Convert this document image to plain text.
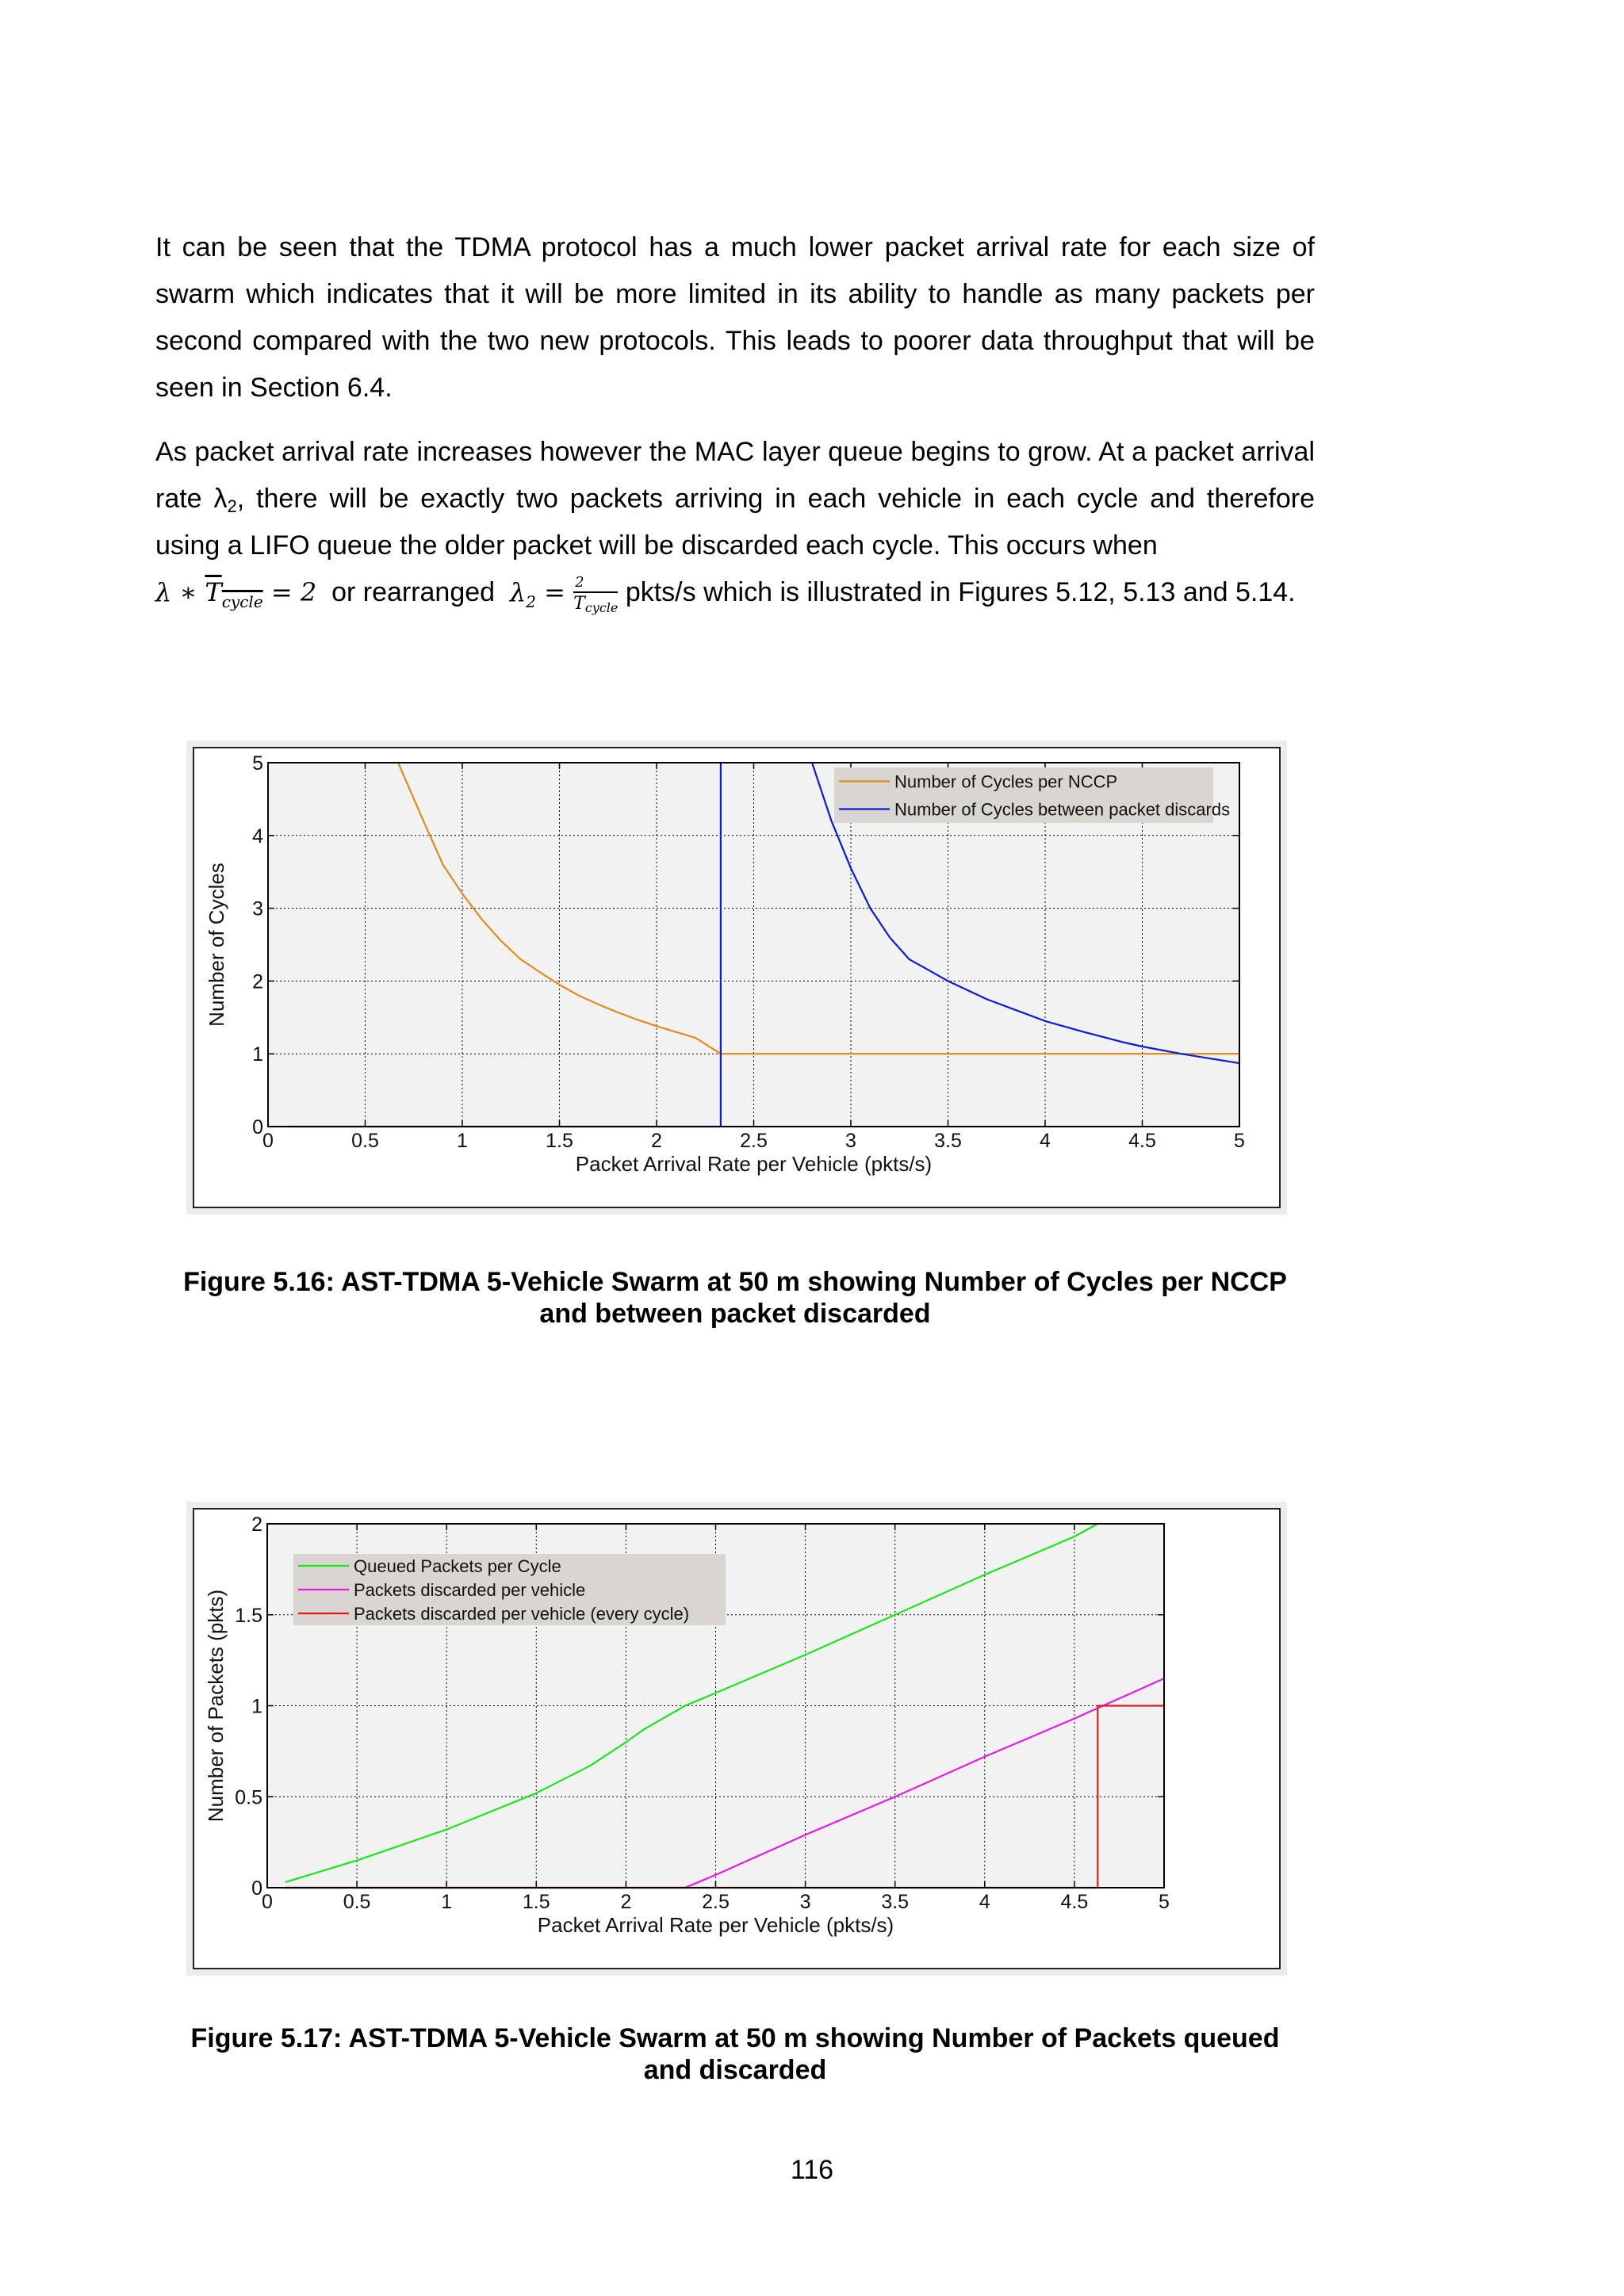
It can be seen that the TDMA protocol has a much lower packet arrival rate for each size of swarm which indicates that it will be more limited in its ability to handle as many packets per second compared with the two new protocols. This leads to poorer data throughput that will be seen in Section 6.4.

As packet arrival rate increases however the MAC layer queue begins to grow. At a packet arrival rate $\lambda_2$, there will be exactly two packets arriving in each vehicle in each cycle and therefore using a LIFO queue the older packet will be discarded each cycle. This occurs when
λ ∗ $T_{cycle} = 2$  or rearranged  $\lambda_2 = \frac{2}{T_{cycle}}$ pkts/s which is illustrated in Figures 5.12, 5.13 and 5.14.

0	0.5	1	1.5	2	2.5	3	3.5	4	4.5	5
0
1
2
3
4
5
Packet Arrival Rate per Vehicle (pkts/s)
Number of Cycles
Number of Cycles per NCCP
Number of Cycles between packet discards

Figure 5.16: AST-TDMA 5-Vehicle Swarm at 50 m showing Number of Cycles per NCCP
and between packet discarded

0	0.5	1	1.5	2	2.5	3	3.5	4	4.5	5
0
0.5
1
1.5
2
Packet Arrival Rate per Vehicle (pkts/s)
Number of Packets (pkts)
Queued Packets per Cycle
Packets discarded per vehicle
Packets discarded per vehicle (every cycle)

Figure 5.17: AST-TDMA 5-Vehicle Swarm at 50 m showing Number of Packets queued
and discarded

116
